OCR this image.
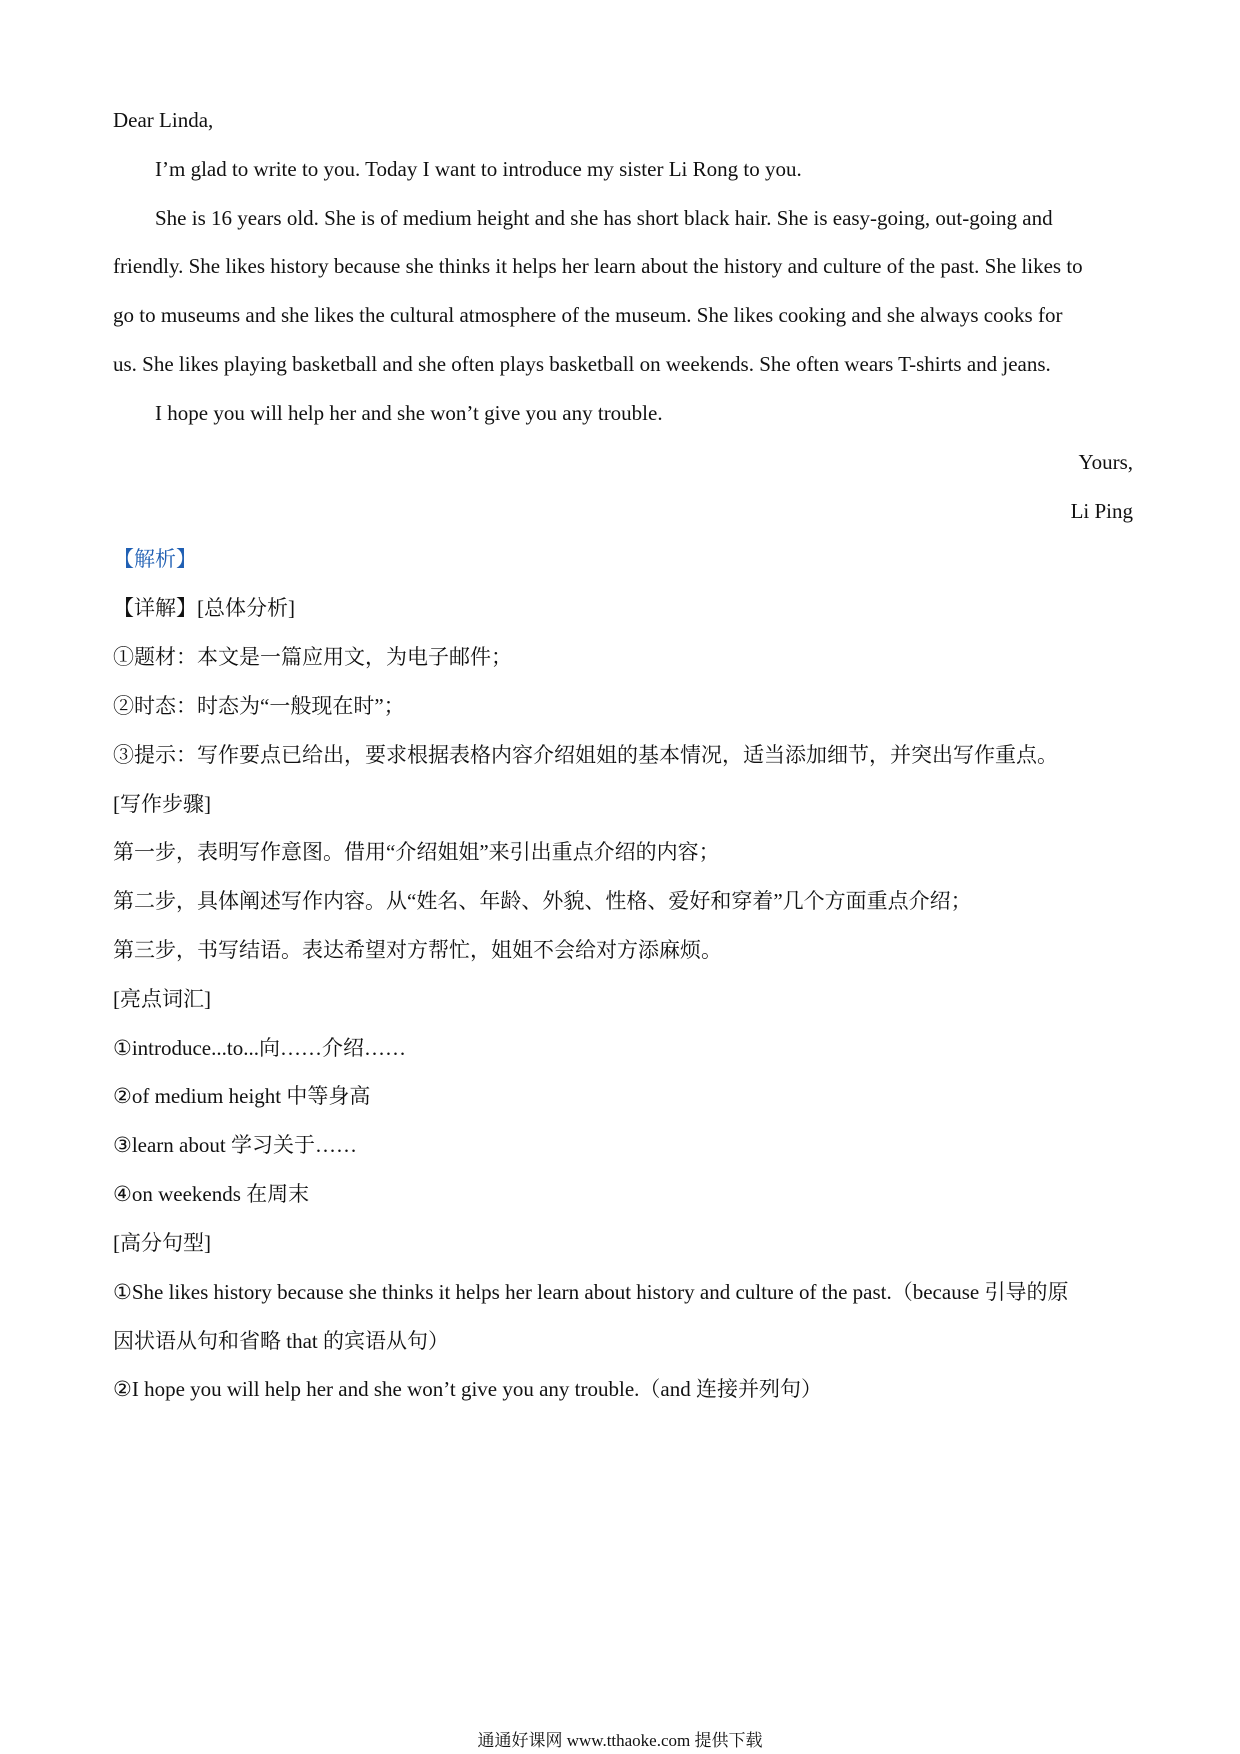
Dear Linda,
I’m glad to write to you. Today I want to introduce my sister Li Rong to you.
She is 16 years old. She is of medium height and she has short black hair. She is easy-going, out-going and
friendly. She likes history because she thinks it helps her learn about the history and culture of the past. She likes to
go to museums and she likes the cultural atmosphere of the museum. She likes cooking and she always cooks for
us. She likes playing basketball and she often plays basketball on weekends. She often wears T-shirts and jeans.
I hope you will help her and she won’t give you any trouble.
Yours,
Li Ping
【解析】
【详解】[总体分析]
①题材：本文是一篇应用文，为电子邮件；
②时态：时态为“一般现在时”；
③提示：写作要点已给出，要求根据表格内容介绍姐姐的基本情况，适当添加细节，并突出写作重点。
[写作步骤]
第一步，表明写作意图。借用“介绍姐姐”来引出重点介绍的内容；
第二步，具体阐述写作内容。从“姓名、年龄、外貌、性格、爱好和穿着”几个方面重点介绍；
第三步，书写结语。表达希望对方帮忙，姐姐不会给对方添麻烦。
[亮点词汇]
①introduce...to...向……介绍……
②of medium height 中等身高
③learn about 学习关于……
④on weekends 在周末
[高分句型]
①She likes history because she thinks it helps her learn about history and culture of the past.（because 引导的原
因状语从句和省略 that 的宾语从句）
②I hope you will help her and she won’t give you any trouble.（and 连接并列句）
通通好课网 www.tthaoke.com 提供下载
